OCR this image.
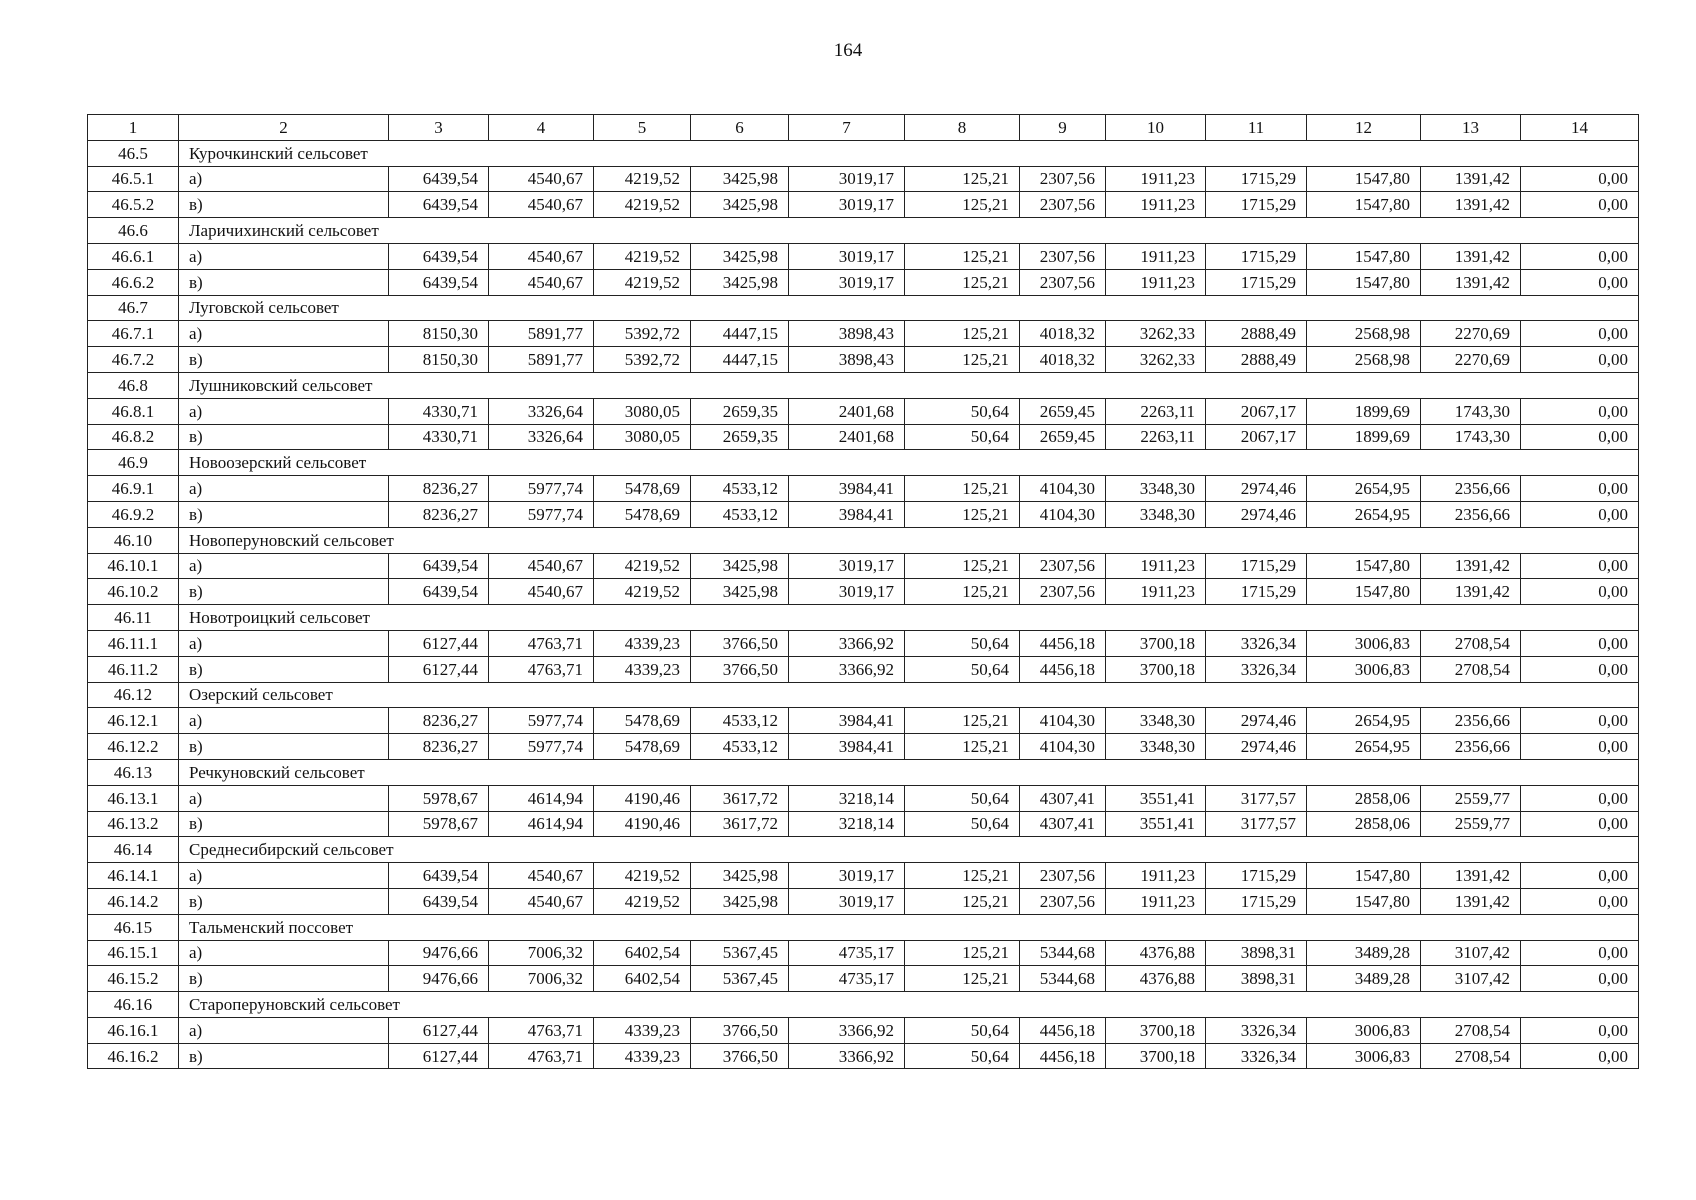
164
1	2	3	4	5	6	7	8	9	10	11	12	13	14
46.5	Курочкинский сельсовет												
46.5.1	а)	6439,54	4540,67	4219,52	3425,98	3019,17	125,21	2307,56	1911,23	1715,29	1547,80	1391,42	0,00
46.5.2	в)	6439,54	4540,67	4219,52	3425,98	3019,17	125,21	2307,56	1911,23	1715,29	1547,80	1391,42	0,00
46.6	Ларичихинский сельсовет												
46.6.1	а)	6439,54	4540,67	4219,52	3425,98	3019,17	125,21	2307,56	1911,23	1715,29	1547,80	1391,42	0,00
46.6.2	в)	6439,54	4540,67	4219,52	3425,98	3019,17	125,21	2307,56	1911,23	1715,29	1547,80	1391,42	0,00
46.7	Луговской сельсовет												
46.7.1	а)	8150,30	5891,77	5392,72	4447,15	3898,43	125,21	4018,32	3262,33	2888,49	2568,98	2270,69	0,00
46.7.2	в)	8150,30	5891,77	5392,72	4447,15	3898,43	125,21	4018,32	3262,33	2888,49	2568,98	2270,69	0,00
46.8	Лушниковский сельсовет												
46.8.1	а)	4330,71	3326,64	3080,05	2659,35	2401,68	50,64	2659,45	2263,11	2067,17	1899,69	1743,30	0,00
46.8.2	в)	4330,71	3326,64	3080,05	2659,35	2401,68	50,64	2659,45	2263,11	2067,17	1899,69	1743,30	0,00
46.9	Новоозерский сельсовет												
46.9.1	а)	8236,27	5977,74	5478,69	4533,12	3984,41	125,21	4104,30	3348,30	2974,46	2654,95	2356,66	0,00
46.9.2	в)	8236,27	5977,74	5478,69	4533,12	3984,41	125,21	4104,30	3348,30	2974,46	2654,95	2356,66	0,00
46.10	Новоперуновский сельсовет												
46.10.1	а)	6439,54	4540,67	4219,52	3425,98	3019,17	125,21	2307,56	1911,23	1715,29	1547,80	1391,42	0,00
46.10.2	в)	6439,54	4540,67	4219,52	3425,98	3019,17	125,21	2307,56	1911,23	1715,29	1547,80	1391,42	0,00
46.11	Новотроицкий сельсовет												
46.11.1	а)	6127,44	4763,71	4339,23	3766,50	3366,92	50,64	4456,18	3700,18	3326,34	3006,83	2708,54	0,00
46.11.2	в)	6127,44	4763,71	4339,23	3766,50	3366,92	50,64	4456,18	3700,18	3326,34	3006,83	2708,54	0,00
46.12	Озерский сельсовет												
46.12.1	а)	8236,27	5977,74	5478,69	4533,12	3984,41	125,21	4104,30	3348,30	2974,46	2654,95	2356,66	0,00
46.12.2	в)	8236,27	5977,74	5478,69	4533,12	3984,41	125,21	4104,30	3348,30	2974,46	2654,95	2356,66	0,00
46.13	Речкуновский сельсовет												
46.13.1	а)	5978,67	4614,94	4190,46	3617,72	3218,14	50,64	4307,41	3551,41	3177,57	2858,06	2559,77	0,00
46.13.2	в)	5978,67	4614,94	4190,46	3617,72	3218,14	50,64	4307,41	3551,41	3177,57	2858,06	2559,77	0,00
46.14	Среднесибирский сельсовет												
46.14.1	а)	6439,54	4540,67	4219,52	3425,98	3019,17	125,21	2307,56	1911,23	1715,29	1547,80	1391,42	0,00
46.14.2	в)	6439,54	4540,67	4219,52	3425,98	3019,17	125,21	2307,56	1911,23	1715,29	1547,80	1391,42	0,00
46.15	Тальменский поссовет												
46.15.1	а)	9476,66	7006,32	6402,54	5367,45	4735,17	125,21	5344,68	4376,88	3898,31	3489,28	3107,42	0,00
46.15.2	в)	9476,66	7006,32	6402,54	5367,45	4735,17	125,21	5344,68	4376,88	3898,31	3489,28	3107,42	0,00
46.16	Староперуновский сельсовет												
46.16.1	а)	6127,44	4763,71	4339,23	3766,50	3366,92	50,64	4456,18	3700,18	3326,34	3006,83	2708,54	0,00
46.16.2	в)	6127,44	4763,71	4339,23	3766,50	3366,92	50,64	4456,18	3700,18	3326,34	3006,83	2708,54	0,00
